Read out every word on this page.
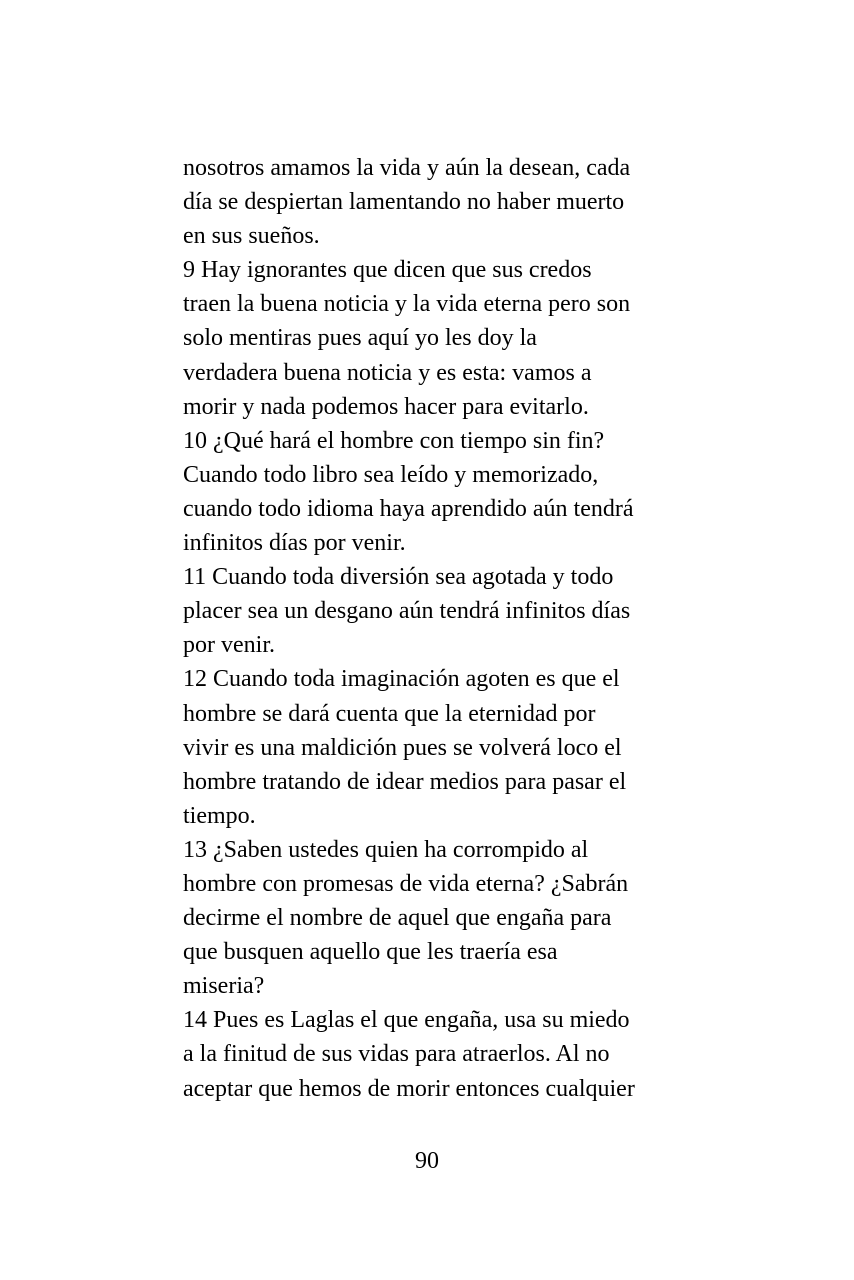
nosotros amamos la vida y aún la desean, cada
día se despiertan lamentando no haber muerto
en sus sueños.
9 Hay ignorantes que dicen que sus credos
traen la buena noticia y la vida eterna pero son
solo mentiras pues aquí yo les doy la
verdadera buena noticia y es esta: vamos a
morir y nada podemos hacer para evitarlo.
10 ¿Qué hará el hombre con tiempo sin fin?
Cuando todo libro sea leído y memorizado,
cuando todo idioma haya aprendido aún tendrá
infinitos días por venir.
11 Cuando toda diversión sea agotada y todo
placer sea un desgano aún tendrá infinitos días
por venir.
12 Cuando toda imaginación agoten es que el
hombre se dará cuenta que la eternidad por
vivir es una maldición pues se volverá loco el
hombre tratando de idear medios para pasar el
tiempo.
13 ¿Saben ustedes quien ha corrompido al
hombre con promesas de vida eterna? ¿Sabrán
decirme el nombre de aquel que engaña para
que busquen aquello que les traería esa
miseria?
14 Pues es Laglas el que engaña, usa su miedo
a la finitud de sus vidas para atraerlos. Al no
aceptar que hemos de morir entonces cualquier
90
